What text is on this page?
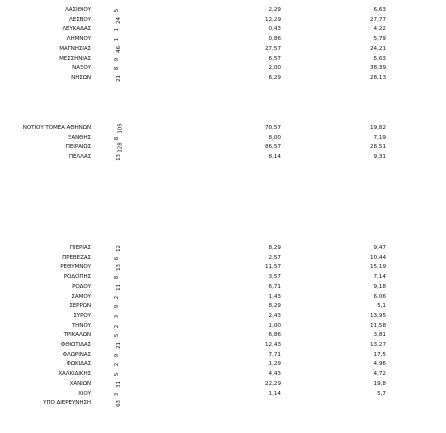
ΛΑΣΙΘΙΟΥ	5	2,29	6,63
ΛΕΣΒΟΥ	24	12,29	27,77
ΛΕΥΚΑΔΑΣ	1	0,43	4,22
ΛΗΜΝΟΥ	1	0,86	5,79
ΜΑΓΝΗΣΙΑΣ	46	27,57	24,21
ΜΕΣΣΗΝΙΑΣ	9	6,57	5,63
ΝΑΞΟΥ	8	2,00	38,39
ΝΗΣΩΝ	21	6,29	28,13
ΝΟΤΙΟΥ ΤΟΜΕΑ ΑΘΗΝΩΝ	105	70,57	19,82
ΞΑΝΘΗΣ	8	8,00	7,19
ΠΕΙΡΑΙΩΣ	128	86,57	28,51
ΠΕΛΛΑΣ	13	8,14	9,31
ΠΙΕΡΙΑΣ	12	8,29	9,47
ΠΡΕΒΕΖΑΣ	6	2,57	10,44
ΡΕΘΥΜΝΟΥ	13	11,57	15,19
ΡΟΔΟΠΗΣ	8	3,57	7,14
ΡΟΔΟΥ	11	6,71	9,18
ΣΑΜΟΥ	2	1,43	6,06
ΣΕΡΡΩΝ	9	8,29	5,1
ΣΥΡΟΥ	3	2,43	13,95
ΤΗΝΟΥ	2	1,00	11,58
ΤΡΙΚΑΛΩΝ	5	6,86	3,81
ΦΘΙΩΤΙΔΑΣ	21	12,43	13,27
ΦΛΩΡΙΝΑΣ	9	7,71	17,5
ΦΩΚΙΔΑΣ	2	1,29	4,96
ΧΑΛΚΙΔΙΚΗΣ	5	4,43	4,72
ΧΑΝΙΩΝ	31	22,29	19,8
ΧΙΟΥ	3	1,14	5,7
ΥΠΟ ΔΙΕΡΕΥΝΗΣΗ	63
